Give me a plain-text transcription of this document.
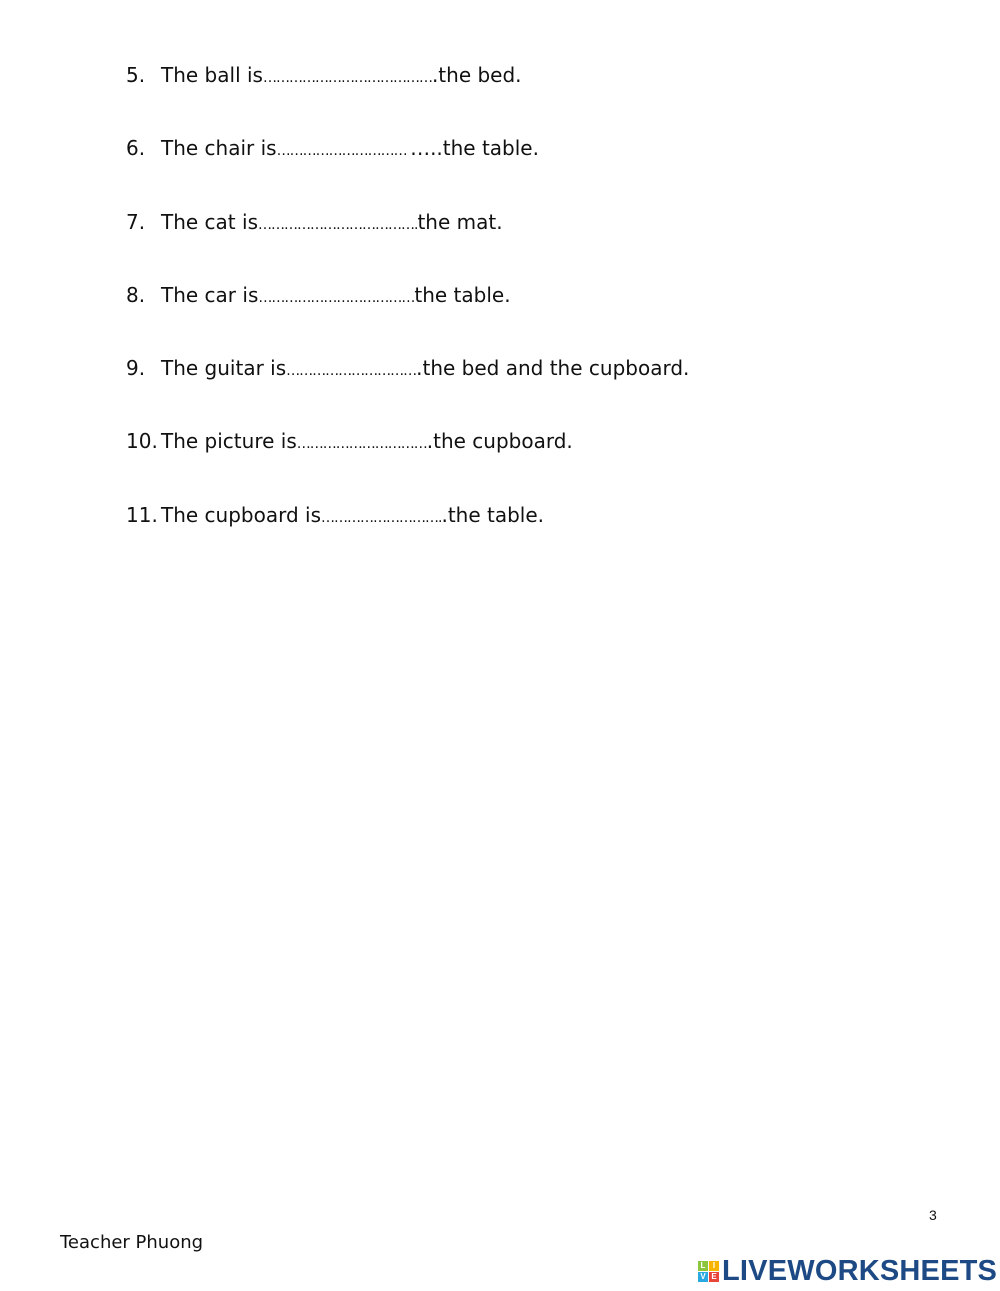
5. The ball is………………………………….the bed.
6. The chair is………………………… …..the table.
7. The cat is……………………………….the mat.
8. The car is………………………………the table.
9. The guitar is………………………….the bed and the cupboard.
10. The picture is………………………….the cupboard.
11. The cupboard is………………………..the table.
3
Teacher Phuong
L I
V E LIVEWORKSHEETS
